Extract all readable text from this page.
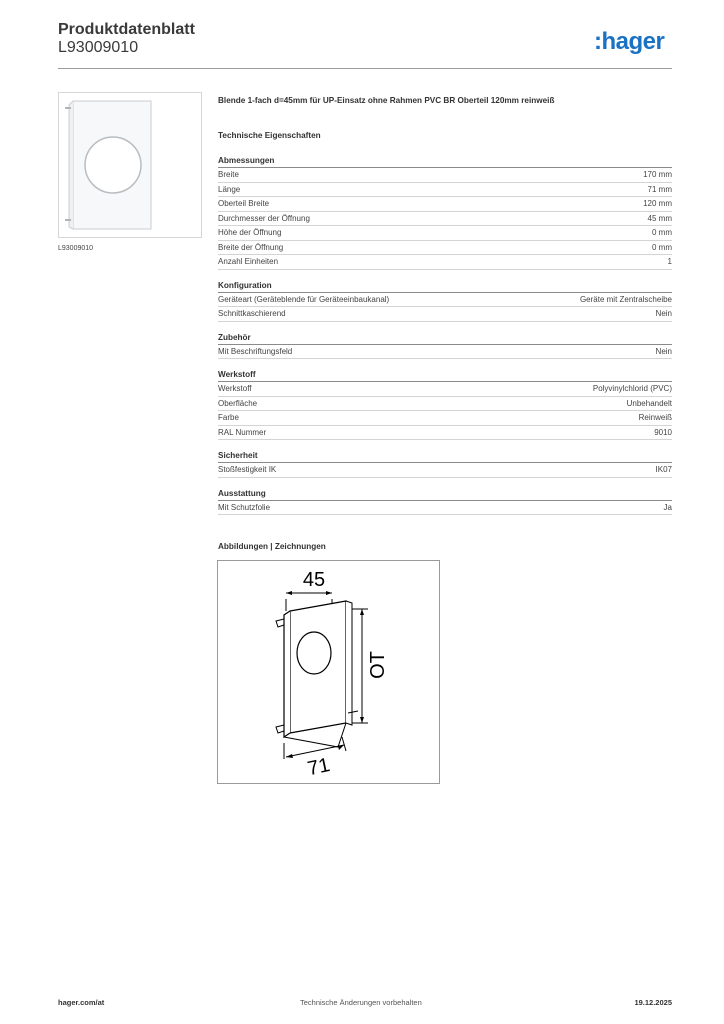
Produktdatenblatt
L93009010	:hager
L93009010
Blende 1-fach d=45mm für UP-Einsatz ohne Rahmen PVC BR Oberteil 120mm reinweiß
Technische Eigenschaften
Abmessungen
Breite	170 mm
Länge	71 mm
Oberteil Breite	120 mm
Durchmesser der Öffnung	45 mm
Höhe der Öffnung	0 mm
Breite der Öffnung	0 mm
Anzahl Einheiten	1
Konfiguration
Geräteart (Geräteblende für Geräteeinbaukanal)	Geräte mit Zentralscheibe
Schnittkaschierend	Nein
Zubehör
Mit Beschriftungsfeld	Nein
Werkstoff
Werkstoff	Polyvinylchlorid (PVC)
Oberfläche	Unbehandelt
Farbe	Reinweiß
RAL Nummer	9010
Sicherheit
Stoßfestigkeit IK	IK07
Ausstattung
Mit Schutzfolie	Ja
Abbildungen | Zeichnungen
45
OT
71
hager.com/at	Technische Änderungen vorbehalten	19.12.2025
